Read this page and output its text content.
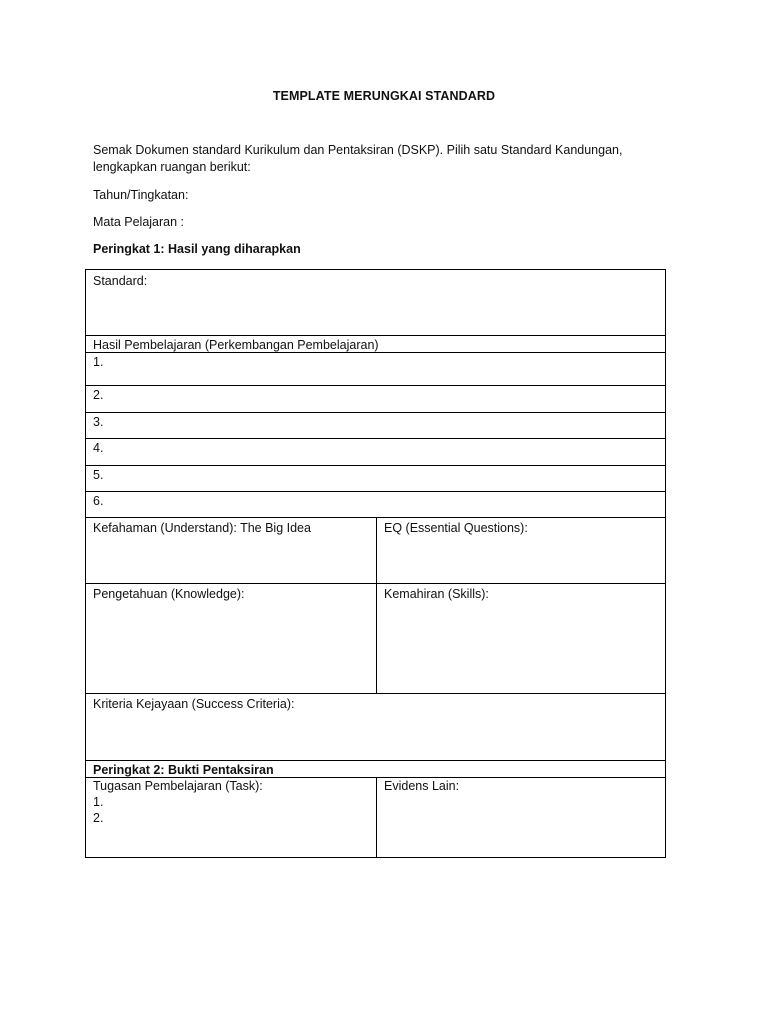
TEMPLATE MERUNGKAI STANDARD
Semak Dokumen standard Kurikulum dan Pentaksiran (DSKP). Pilih satu Standard Kandungan, lengkapkan ruangan berikut:
Tahun/Tingkatan:
Mata Pelajaran :
Peringkat 1: Hasil yang diharapkan
Standard:
Hasil Pembelajaran (Perkembangan Pembelajaran)
1.
2.
3.
4.
5.
6.
Kefahaman (Understand): The Big Idea	EQ (Essential Questions):
Pengetahuan (Knowledge):	Kemahiran (Skills):
Kriteria Kejayaan (Success Criteria):
Peringkat 2: Bukti Pentaksiran
Tugasan Pembelajaran (Task):
1.
2.
Evidens Lain:
